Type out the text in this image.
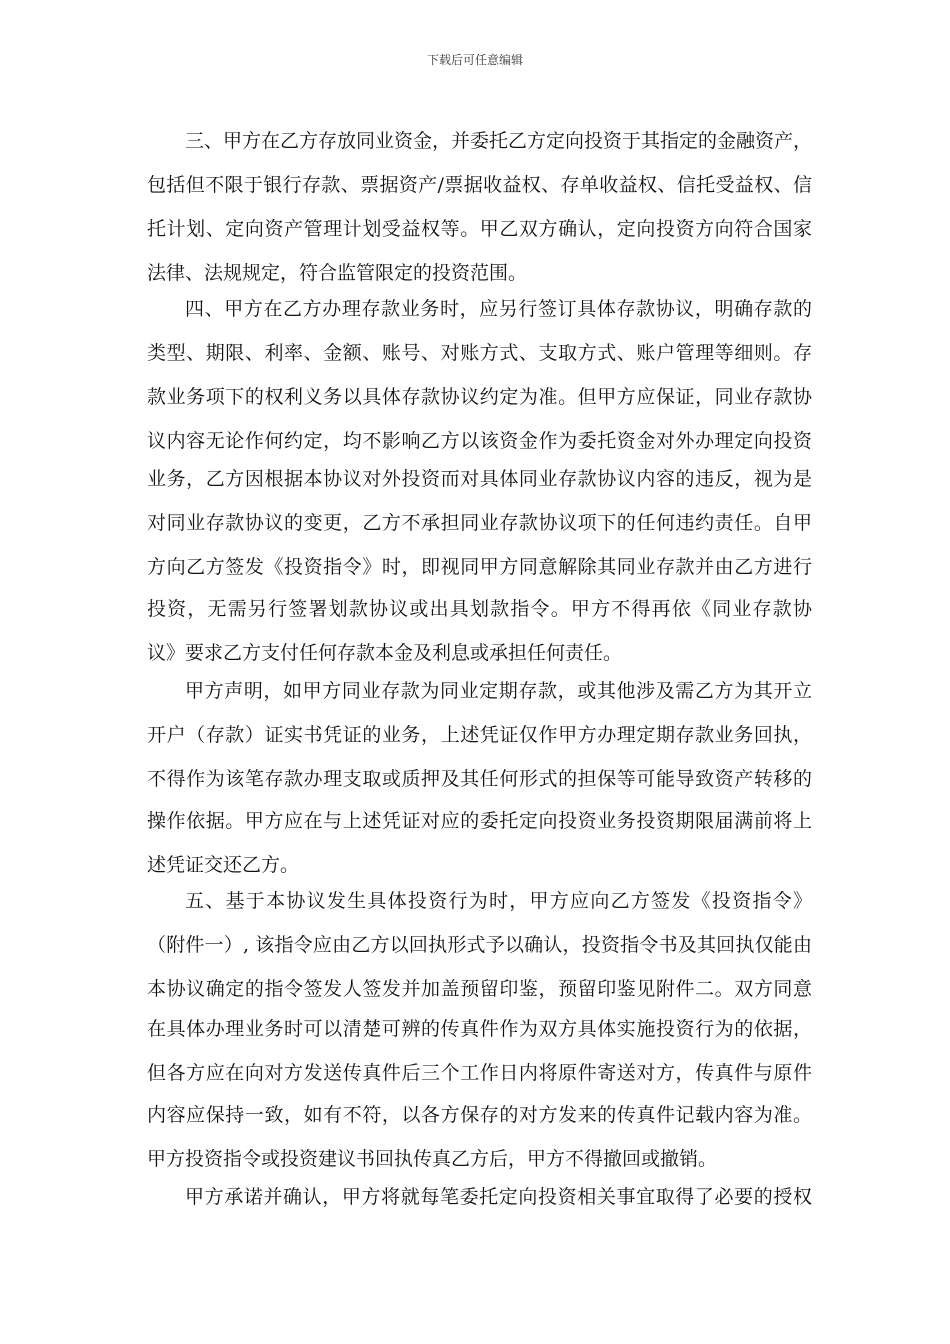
下载后可任意编辑
三、甲方在乙方存放同业资金，并委托乙方定向投资于其指定的金融资产，
包括但不限于银行存款、票据资产/票据收益权、存单收益权、信托受益权、信
托计划、定向资产管理计划受益权等。甲乙双方确认，定向投资方向符合国家
法律、法规规定，符合监管限定的投资范围。
四、甲方在乙方办理存款业务时，应另行签订具体存款协议，明确存款的
类型、期限、利率、金额、账号、对账方式、支取方式、账户管理等细则。存
款业务项下的权利义务以具体存款协议约定为准。但甲方应保证，同业存款协
议内容无论作何约定，均不影响乙方以该资金作为委托资金对外办理定向投资
业务，乙方因根据本协议对外投资而对具体同业存款协议内容的违反，视为是
对同业存款协议的变更，乙方不承担同业存款协议项下的任何违约责任。自甲
方向乙方签发《投资指令》时，即视同甲方同意解除其同业存款并由乙方进行
投资，无需另行签署划款协议或出具划款指令。甲方不得再依《同业存款协
议》要求乙方支付任何存款本金及利息或承担任何责任。
甲方声明，如甲方同业存款为同业定期存款，或其他涉及需乙方为其开立
开户（存款）证实书凭证的业务，上述凭证仅作甲方办理定期存款业务回执，
不得作为该笔存款办理支取或质押及其任何形式的担保等可能导致资产转移的
操作依据。甲方应在与上述凭证对应的委托定向投资业务投资期限届满前将上
述凭证交还乙方。
五、基于本协议发生具体投资行为时，甲方应向乙方签发《投资指令》
（附件一）, 该指令应由乙方以回执形式予以确认，投资指令书及其回执仅能由
本协议确定的指令签发人签发并加盖预留印鉴，预留印鉴见附件二。双方同意
在具体办理业务时可以清楚可辨的传真件作为双方具体实施投资行为的依据，
但各方应在向对方发送传真件后三个工作日内将原件寄送对方，传真件与原件
内容应保持一致，如有不符，以各方保存的对方发来的传真件记载内容为准。
甲方投资指令或投资建议书回执传真乙方后，甲方不得撤回或撤销。
甲方承诺并确认，甲方将就每笔委托定向投资相关事宜取得了必要的授权
